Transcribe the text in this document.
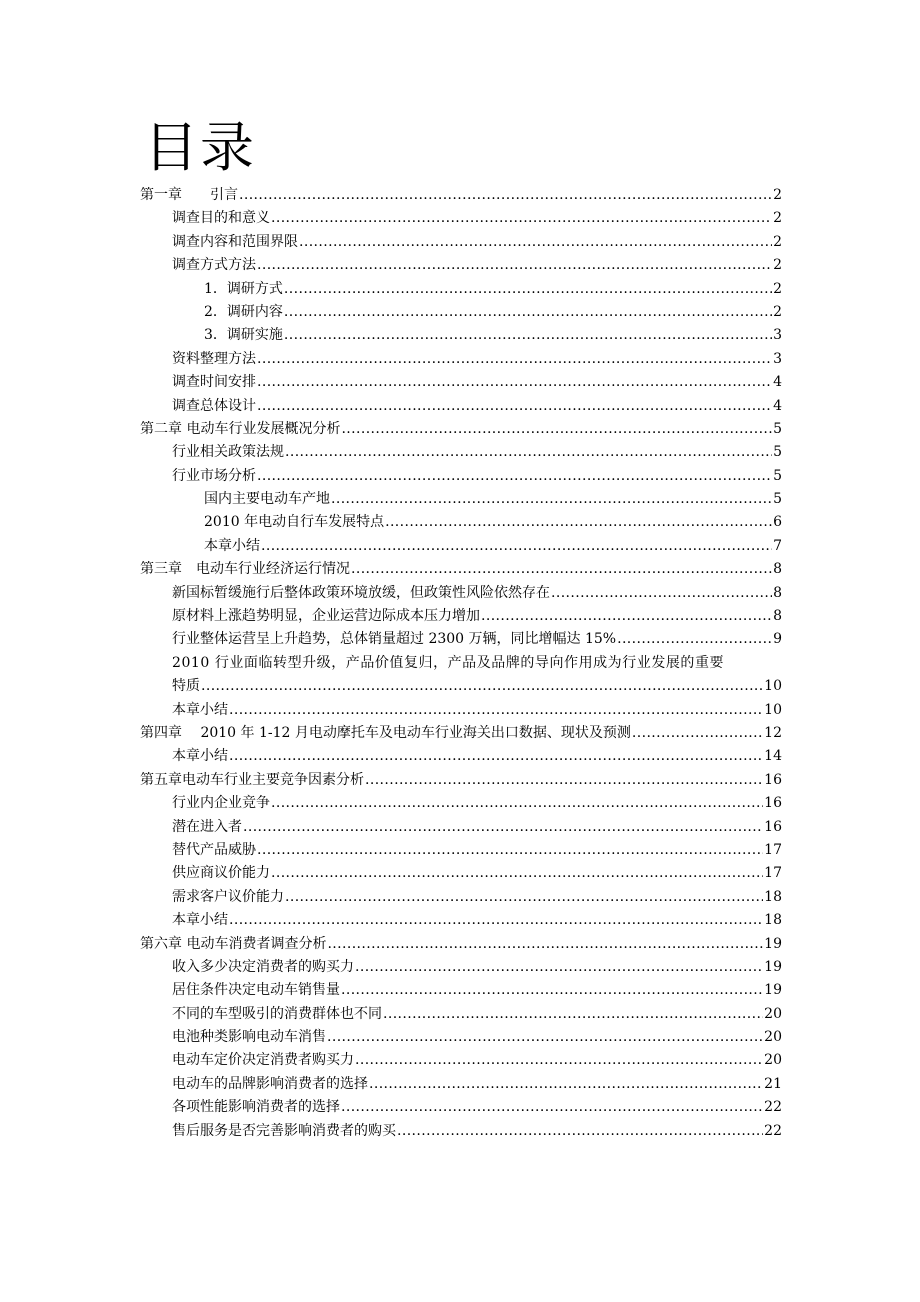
om.cn
目录
第一章　　引言 .....	2
调查目的和意义 .....	2
调查内容和范围界限 .....	2
调查方式方法 .....	2
1．调研方式 .....	2
2．调研内容 .....	2
3．调研实施 .....	3
资料整理方法 .....	3
调查时间安排 .....	4
调查总体设计 .....	4
第二章 电动车行业发展概况分析 .....	5
行业相关政策法规 .....	5
行业市场分析 .....	5
国内主要电动车产地 .....	5
2010 年电动自行车发展特点 .....	6
本章小结 .....	7
第三章　电动车行业经济运行情况 .....	8
新国标暂缓施行后整体政策环境放缓，但政策性风险依然存在 .....	8
原材料上涨趋势明显，企业运营边际成本压力增加 .....	8
行业整体运营呈上升趋势，总体销量超过 2300 万辆，同比增幅达 15% .....	9
2010 行业面临转型升级，产品价值复归，产品及品牌的导向作用成为行业发展的重要
特质 .....	10
本章小结 .....	10
第四章　 2010 年 1-12 月电动摩托车及电动车行业海关出口数据、现状及预测 .....	12
本章小结 .....	14
第五章电动车行业主要竞争因素分析 .....	16
行业内企业竞争 .....	16
潜在进入者 .....	16
替代产品威胁 .....	17
供应商议价能力 .....	17
需求客户议价能力 .....	18
本章小结 .....	18
第六章 电动车消费者调查分析 .....	19
收入多少决定消费者的购买力 .....	19
居住条件决定电动车销售量 .....	19
不同的车型吸引的消费群体也不同 .....	20
电池种类影响电动车消售 .....	20
电动车定价决定消费者购买力 .....	20
电动车的品牌影响消费者的选择 .....	21
各项性能影响消费者的选择 .....	22
售后服务是否完善影响消费者的购买 .....	22
